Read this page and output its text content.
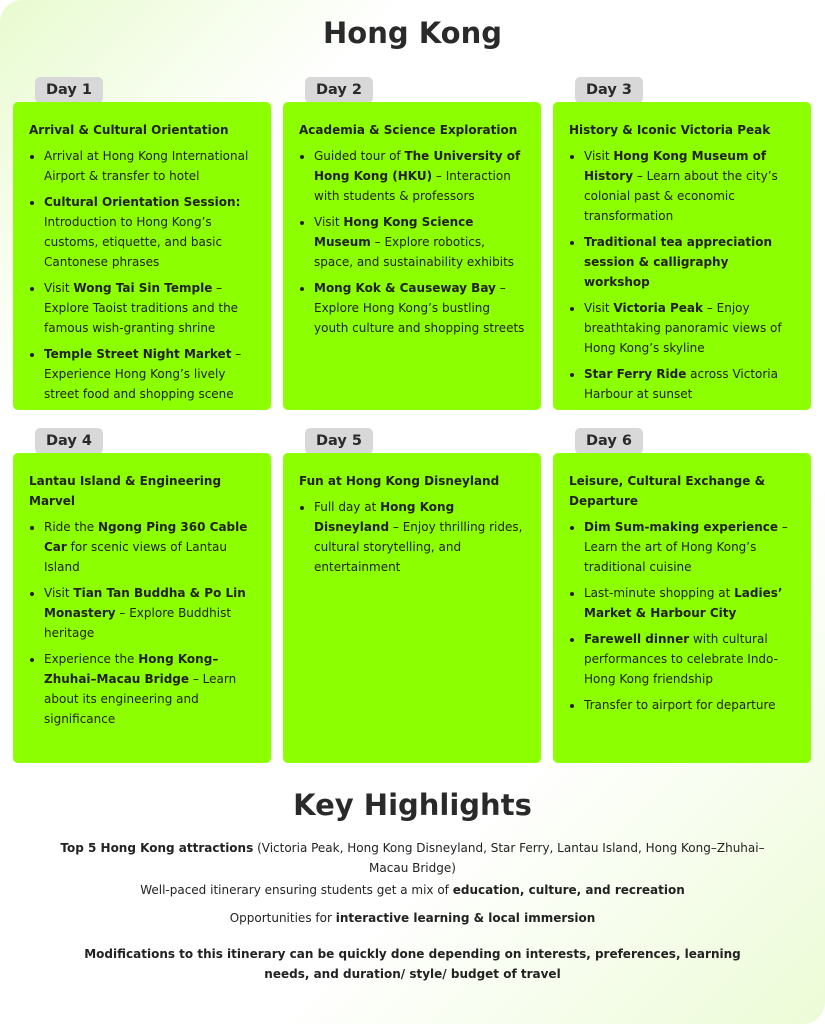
Hong Kong
Day 1
Arrival & Cultural Orientation
• Arrival at Hong Kong International Airport & transfer to hotel
• Cultural Orientation Session: Introduction to Hong Kong’s customs, etiquette, and basic Cantonese phrases
• Visit Wong Tai Sin Temple – Explore Taoist traditions and the famous wish-granting shrine
• Temple Street Night Market – Experience Hong Kong’s lively street food and shopping scene
Day 2
Academia & Science Exploration
• Guided tour of The University of Hong Kong (HKU) – Interaction with students & professors
• Visit Hong Kong Science Museum – Explore robotics, space, and sustainability exhibits
• Mong Kok & Causeway Bay – Explore Hong Kong’s bustling youth culture and shopping streets
Day 3
History & Iconic Victoria Peak
• Visit Hong Kong Museum of History – Learn about the city’s colonial past & economic transformation
• Traditional tea appreciation session & calligraphy workshop
• Visit Victoria Peak – Enjoy breathtaking panoramic views of Hong Kong’s skyline
• Star Ferry Ride across Victoria Harbour at sunset
Day 4
Lantau Island & Engineering Marvel
• Ride the Ngong Ping 360 Cable Car for scenic views of Lantau Island
• Visit Tian Tan Buddha & Po Lin Monastery – Explore Buddhist heritage
• Experience the Hong Kong–Zhuhai–Macau Bridge – Learn about its engineering and significance
Day 5
Fun at Hong Kong Disneyland
• Full day at Hong Kong Disneyland – Enjoy thrilling rides, cultural storytelling, and entertainment
Day 6
Leisure, Cultural Exchange & Departure
• Dim Sum-making experience – Learn the art of Hong Kong’s traditional cuisine
• Last-minute shopping at Ladies’ Market & Harbour City
• Farewell dinner with cultural performances to celebrate Indo-Hong Kong friendship
• Transfer to airport for departure
Key Highlights

Top 5 Hong Kong attractions (Victoria Peak, Hong Kong Disneyland, Star Ferry, Lantau Island, Hong Kong–Zhuhai–Macau Bridge)

Well-paced itinerary ensuring students get a mix of education, culture, and recreation

Opportunities for interactive learning & local immersion

Modifications to this itinerary can be quickly done depending on interests, preferences, learning needs, and duration/ style/ budget of travel
